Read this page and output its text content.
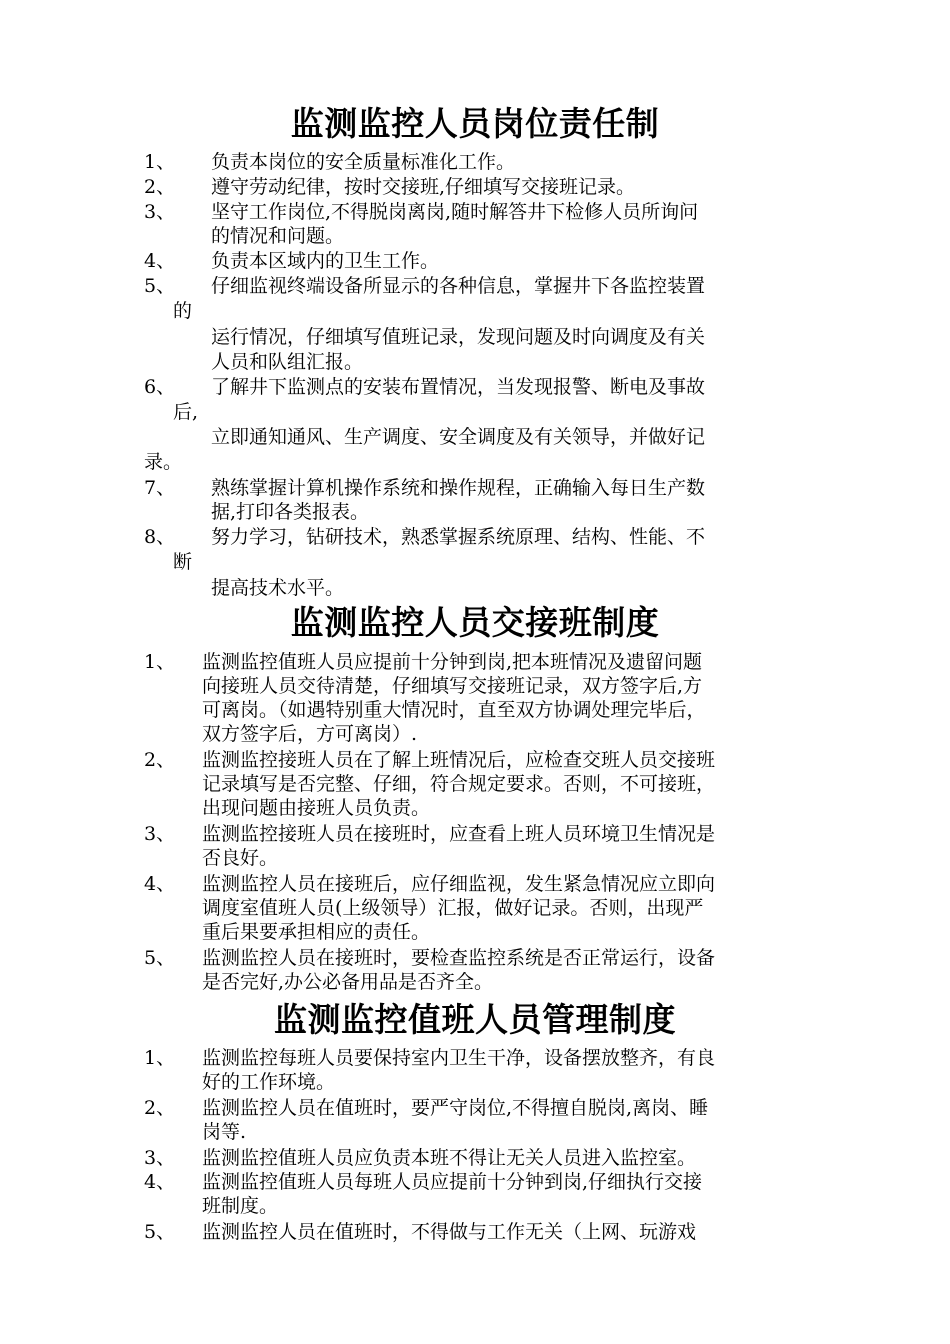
监测监控人员岗位责任制
1、 负责本岗位的安全质量标准化工作。
2、 遵守劳动纪律，按时交接班,仔细填写交接班记录。
3、 坚守工作岗位,不得脱岗离岗,随时解答井下检修人员所询问
的情况和问题。
4、 负责本区域内的卫生工作。
5、 仔细监视终端设备所显示的各种信息，掌握井下各监控装置
的
运行情况，仔细填写值班记录，发现问题及时向调度及有关
人员和队组汇报。
6、 了解井下监测点的安装布置情况，当发现报警、断电及事故
后,
立即通知通风、生产调度、安全调度及有关领导，并做好记
录。
7、 熟练掌握计算机操作系统和操作规程，正确输入每日生产数
据,打印各类报表。
8、 努力学习，钻研技术，熟悉掌握系统原理、结构、性能、不
断
提高技术水平。
监测监控人员交接班制度
1、 监测监控值班人员应提前十分钟到岗,把本班情况及遗留问题
向接班人员交待清楚，仔细填写交接班记录，双方签字后,方
可离岗。（如遇特别重大情况时，直至双方协调处理完毕后，
双方签字后，方可离岗）.
2、 监测监控接班人员在了解上班情况后，应检查交班人员交接班
记录填写是否完整、仔细，符合规定要求。否则，不可接班，
出现问题由接班人员负责。
3、 监测监控接班人员在接班时，应查看上班人员环境卫生情况是
否良好。
4、 监测监控人员在接班后，应仔细监视，发生紧急情况应立即向
调度室值班人员(上级领导）汇报，做好记录。否则，出现严
重后果要承担相应的责任。
5、 监测监控人员在接班时，要检查监控系统是否正常运行，设备
是否完好,办公必备用品是否齐全。
监测监控值班人员管理制度
1、 监测监控每班人员要保持室内卫生干净，设备摆放整齐，有良
好的工作环境。
2、 监测监控人员在值班时，要严守岗位,不得擅自脱岗,离岗、睡
岗等.
3、 监测监控值班人员应负责本班不得让无关人员进入监控室。
4、 监测监控值班人员每班人员应提前十分钟到岗,仔细执行交接
班制度。
5、 监测监控人员在值班时，不得做与工作无关（上网、玩游戏
